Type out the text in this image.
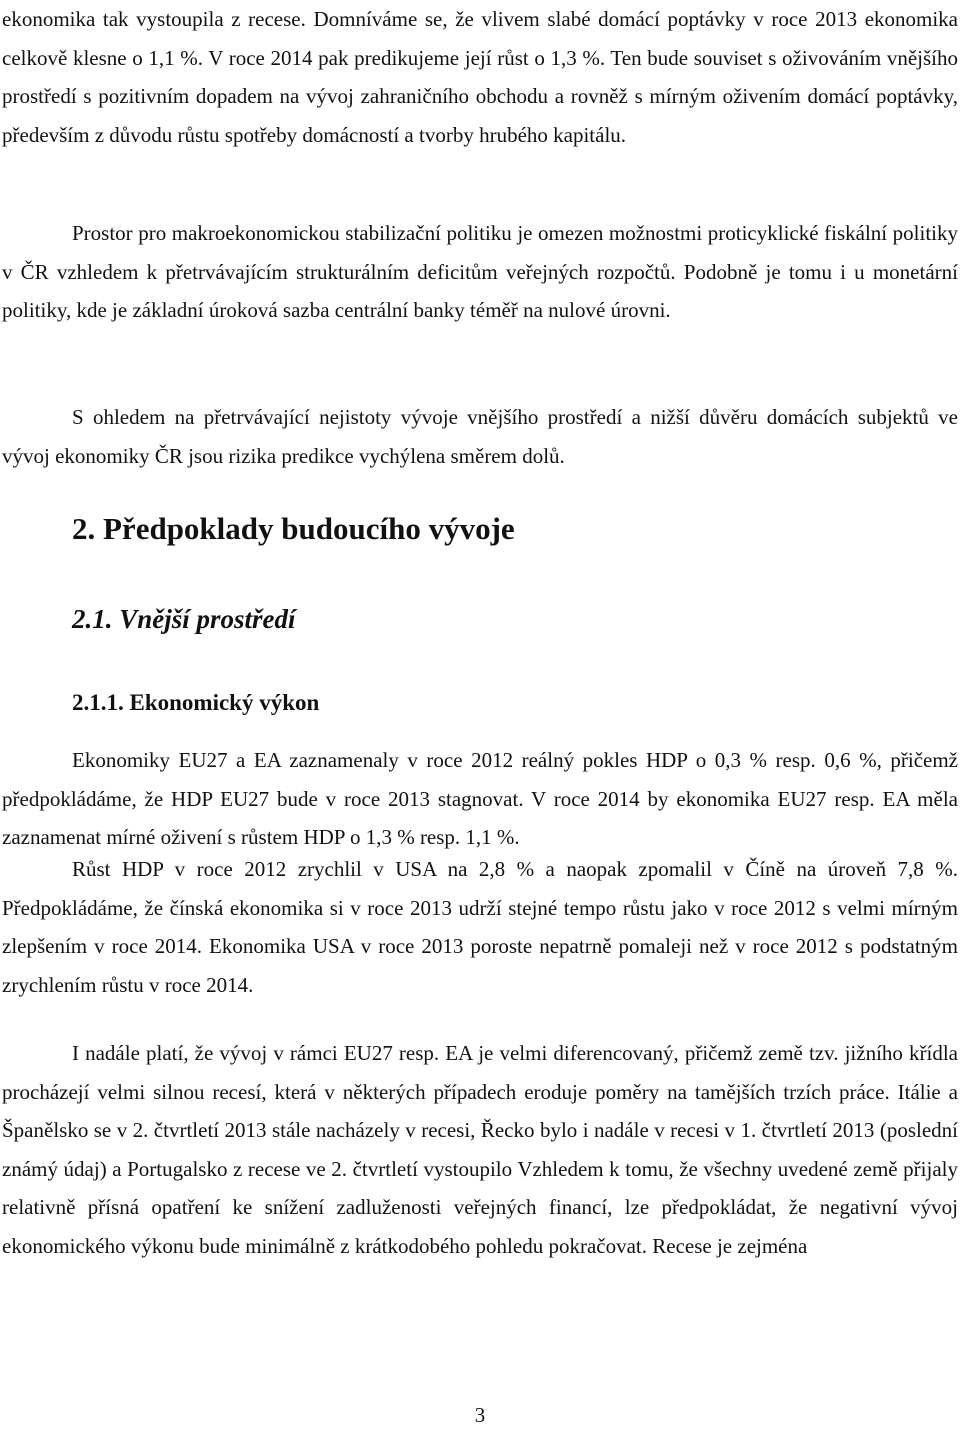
ekonomika tak vystoupila z recese. Domníváme se, že vlivem slabé domácí poptávky v roce 2013 ekonomika celkově klesne o 1,1 %. V roce 2014 pak predikujeme její růst o 1,3 %. Ten bude souviset s oživováním vnějšího prostředí s pozitivním dopadem na vývoj zahraničního obchodu a rovněž s mírným oživením domácí poptávky, především z důvodu růstu spotřeby domácností a tvorby hrubého kapitálu.

Prostor pro makroekonomickou stabilizační politiku je omezen možnostmi proticyklické fiskální politiky v ČR vzhledem k přetrvávajícím strukturálním deficitům veřejných rozpočtů. Podobně je tomu i u monetární politiky, kde je základní úroková sazba centrální banky téměř na nulové úrovni.

S ohledem na přetrvávající nejistoty vývoje vnějšího prostředí a nižší důvěru domácích subjektů ve vývoj ekonomiky ČR jsou rizika predikce vychýlena směrem dolů.

2. Předpoklady budoucího vývoje
2.1. Vnější prostředí
2.1.1. Ekonomický výkon

Ekonomiky EU27 a EA zaznamenaly v roce 2012 reálný pokles HDP o 0,3 % resp. 0,6 %, přičemž předpokládáme, že HDP EU27 bude v roce 2013 stagnovat. V roce 2014 by ekonomika EU27 resp. EA měla zaznamenat mírné oživení s růstem HDP o 1,3 % resp. 1,1 %.

Růst HDP v roce 2012 zrychlil v USA na 2,8 % a naopak zpomalil v Číně na úroveň 7,8 %. Předpokládáme, že čínská ekonomika si v roce 2013 udrží stejné tempo růstu jako v roce 2012 s velmi mírným zlepšením v roce 2014. Ekonomika USA v roce 2013 poroste nepatrně pomaleji než v roce 2012 s podstatným zrychlením růstu v roce 2014.

I nadále platí, že vývoj v rámci EU27 resp. EA je velmi diferencovaný, přičemž země tzv. jižního křídla procházejí velmi silnou recesí, která v některých případech eroduje poměry na tamějších trzích práce. Itálie a Španělsko se v 2. čtvrtletí 2013 stále nacházely v recesi, Řecko bylo i nadále v recesi v 1. čtvrtletí 2013 (poslední známý údaj) a Portugalsko z recese ve 2. čtvrtletí vystoupilo Vzhledem k tomu, že všechny uvedené země přijaly relativně přísná opatření ke snížení zadluženosti veřejných financí, lze předpokládat, že negativní vývoj ekonomického výkonu bude minimálně z krátkodobého pohledu pokračovat. Recese je zejména

3
